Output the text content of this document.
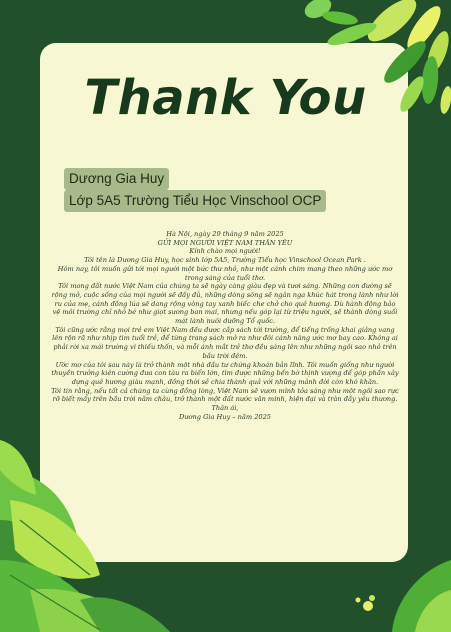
Thank You
Dương Gia Huy
Lớp 5A5 Trường Tiểu Học Vinschool OCP

Hà Nội, ngày 29 tháng 9 năm 2025

GỬI MỌI NGƯỜI VIỆT NAM THÂN YÊU

Kính chào mọi người!

Tôi tên là Dương Gia Huy, học sinh lớp 5A5, Trường Tiểu học Vinschool Ocean Park .

Hôm nay, tôi muốn gửi tới mọi người một bức thư nhỏ, như một cánh chim mang theo những ước mơ trong sáng của tuổi thơ.

Tôi mong đất nước Việt Nam của chúng ta sẽ ngày càng giàu đẹp và tươi sáng. Những con đường sẽ rộng mở, cuộc sống của mọi người sẽ đầy đủ, những dòng sông sẽ ngân nga khúc hát trong lành như lời ru của mẹ, cánh đồng lúa sẽ dang rộng vòng tay xanh biếc che chở cho quê hương. Dù hành động bảo vệ môi trường chỉ nhỏ bé như giọt sương ban mai, nhưng nếu góp lại từ triệu người, sẽ thành dòng suối mát lành nuôi dưỡng Tổ quốc.

Tôi cũng ước rằng mọi trẻ em Việt Nam đều được cắp sách tới trường, để tiếng trống khai giảng vang lên rộn rã như nhịp tim tuổi trẻ, để từng trang sách mở ra như đôi cánh nâng ước mơ bay cao. Không ai phải rời xa mái trường vì thiếu thốn, và mỗi ánh mắt trẻ thơ đều sáng lên như những ngôi sao nhỏ trên bầu trời đêm.

Ước mơ của tôi sau này là trở thành một nhà đầu tư chứng khoán bản lĩnh. Tôi muốn giống như người thuyền trưởng kiên cường đưa con tàu ra biển lớn, tìm được những bến bờ thịnh vượng để góp phần xây dựng quê hương giàu mạnh, đồng thời sẻ chia thành quả với những mảnh đời còn khó khăn.

Tôi tin rằng, nếu tất cả chúng ta cùng đồng lòng, Việt Nam sẽ vươn mình tỏa sáng như một ngôi sao rực rỡ biết mấy trên bầu trời năm châu, trở thành một đất nước văn minh, hiện đại và tràn đầy yêu thương.

Thân ái,

Dương Gia Huy – năm 2025
